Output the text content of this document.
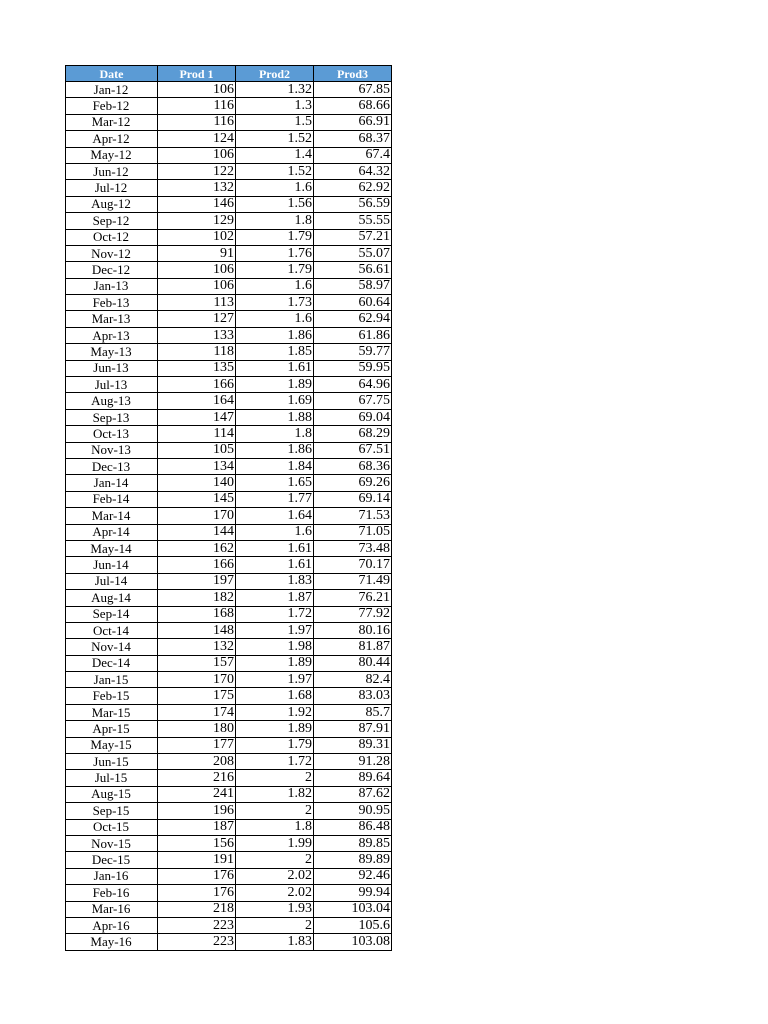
Date	Prod 1	Prod2	Prod3
Jan-12	106	1.32	67.85
Feb-12	116	1.3	68.66
Mar-12	116	1.5	66.91
Apr-12	124	1.52	68.37
May-12	106	1.4	67.4
Jun-12	122	1.52	64.32
Jul-12	132	1.6	62.92
Aug-12	146	1.56	56.59
Sep-12	129	1.8	55.55
Oct-12	102	1.79	57.21
Nov-12	91	1.76	55.07
Dec-12	106	1.79	56.61
Jan-13	106	1.6	58.97
Feb-13	113	1.73	60.64
Mar-13	127	1.6	62.94
Apr-13	133	1.86	61.86
May-13	118	1.85	59.77
Jun-13	135	1.61	59.95
Jul-13	166	1.89	64.96
Aug-13	164	1.69	67.75
Sep-13	147	1.88	69.04
Oct-13	114	1.8	68.29
Nov-13	105	1.86	67.51
Dec-13	134	1.84	68.36
Jan-14	140	1.65	69.26
Feb-14	145	1.77	69.14
Mar-14	170	1.64	71.53
Apr-14	144	1.6	71.05
May-14	162	1.61	73.48
Jun-14	166	1.61	70.17
Jul-14	197	1.83	71.49
Aug-14	182	1.87	76.21
Sep-14	168	1.72	77.92
Oct-14	148	1.97	80.16
Nov-14	132	1.98	81.87
Dec-14	157	1.89	80.44
Jan-15	170	1.97	82.4
Feb-15	175	1.68	83.03
Mar-15	174	1.92	85.7
Apr-15	180	1.89	87.91
May-15	177	1.79	89.31
Jun-15	208	1.72	91.28
Jul-15	216	2	89.64
Aug-15	241	1.82	87.62
Sep-15	196	2	90.95
Oct-15	187	1.8	86.48
Nov-15	156	1.99	89.85
Dec-15	191	2	89.89
Jan-16	176	2.02	92.46
Feb-16	176	2.02	99.94
Mar-16	218	1.93	103.04
Apr-16	223	2	105.6
May-16	223	1.83	103.08
